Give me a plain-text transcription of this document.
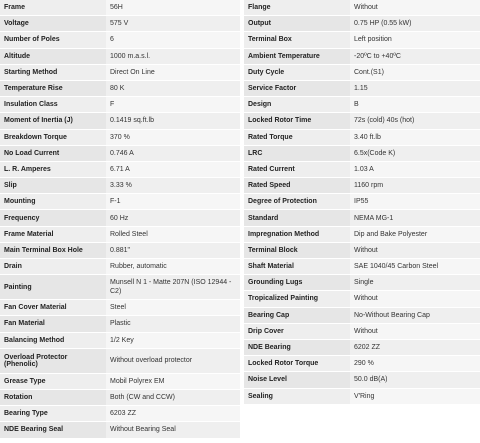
Frame	56H
Voltage	575 V
Number of Poles	6
Altitude	1000 m.a.s.l.
Starting Method	Direct On Line
Temperature Rise	80 K
Insulation Class	F
Moment of Inertia (J)	0.1419 sq.ft.lb
Breakdown Torque	370 %
No Load Current	0.746 A
L. R. Amperes	6.71 A
Slip	3.33 %
Mounting	F-1
Frequency	60 Hz
Frame Material	Rolled Steel
Main Terminal Box Hole	0.881"
Drain	Rubber, automatic
Painting	Munsell N 1 - Matte 207N (ISO 12944 - C2)
Fan Cover Material	Steel
Fan Material	Plastic
Balancing Method	1/2 Key
Overload Protector (Phenolic)	Without overload protector
Grease Type	Mobil Polyrex EM
Rotation	Both (CW and CCW)
Bearing Type	6203 ZZ
NDE Bearing Seal	Without Bearing Seal
Flange	Without
Output	0.75 HP (0.55 kW)
Terminal Box	Left position
Ambient Temperature	-20ºC to +40ºC
Duty Cycle	Cont.(S1)
Service Factor	1.15
Design	B
Locked Rotor Time	72s (cold) 40s (hot)
Rated Torque	3.40 ft.lb
LRC	6.5x(Code K)
Rated Current	1.03 A
Rated Speed	1160 rpm
Degree of Protection	IP55
Standard	NEMA MG-1
Impregnation Method	Dip and Bake Polyester
Terminal Block	Without
Shaft Material	SAE 1040/45 Carbon Steel
Grounding Lugs	Single
Tropicalized Painting	Without
Bearing Cap	No-Without Bearing Cap
Drip Cover	Without
NDE Bearing	6202 ZZ
Locked Rotor Torque	290 %
Noise Level	50.0 dB(A)
Sealing	V'Ring
